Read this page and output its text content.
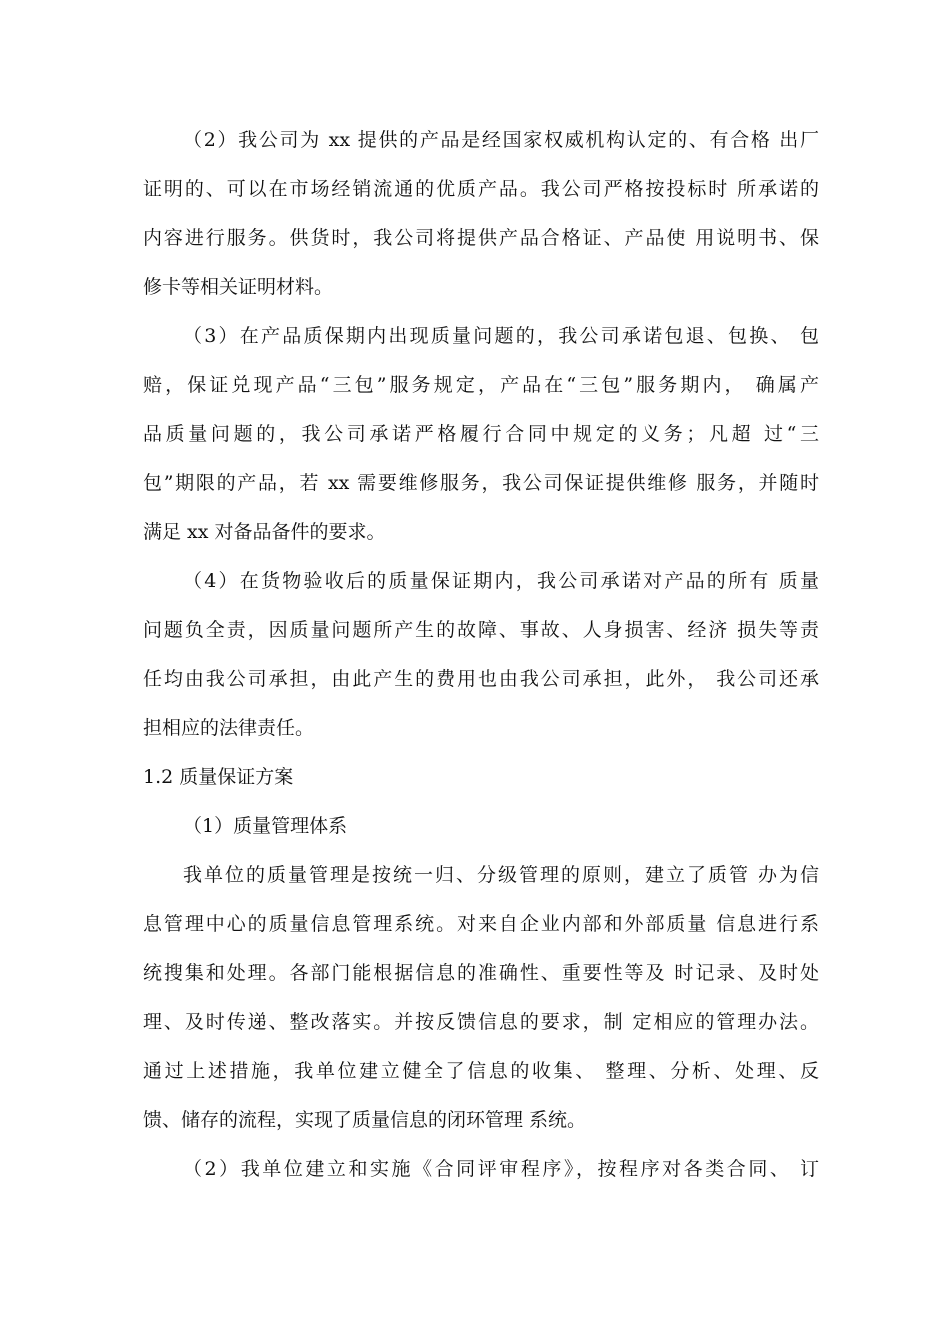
（2）我公司为 xx 提供的产品是经国家权威机构认定的、有合格 出厂
证明的、可以在市场经销流通的优质产品。我公司严格按投标时 所承诺的
内容进行服务。供货时，我公司将提供产品合格证、产品使 用说明书、保
修卡等相关证明材料。
（3）在产品质保期内出现质量问题的，我公司承诺包退、包换、 包
赔，保证兑现产品“三包”服务规定，产品在“三包”服务期内， 确属产
品质量问题的，我公司承诺严格履行合同中规定的义务；凡超 过“三
包”期限的产品，若 xx 需要维修服务，我公司保证提供维修 服务，并随时
满足 xx 对备品备件的要求。
（4）在货物验收后的质量保证期内，我公司承诺对产品的所有 质量
问题负全责，因质量问题所产生的故障、事故、人身损害、经济 损失等责
任均由我公司承担，由此产生的费用也由我公司承担，此外， 我公司还承
担相应的法律责任。
1.2 质量保证方案
（1）质量管理体系
我单位的质量管理是按统一归、分级管理的原则，建立了质管 办为信
息管理中心的质量信息管理系统。对来自企业内部和外部质量 信息进行系
统搜集和处理。各部门能根据信息的准确性、重要性等及 时记录、及时处
理、及时传递、整改落实。并按反馈信息的要求，制 定相应的管理办法。
通过上述措施，我单位建立健全了信息的收集、 整理、分析、处理、反
馈、储存的流程，实现了质量信息的闭环管理 系统。
（2）我单位建立和实施《合同评审程序》，按程序对各类合同、 订
